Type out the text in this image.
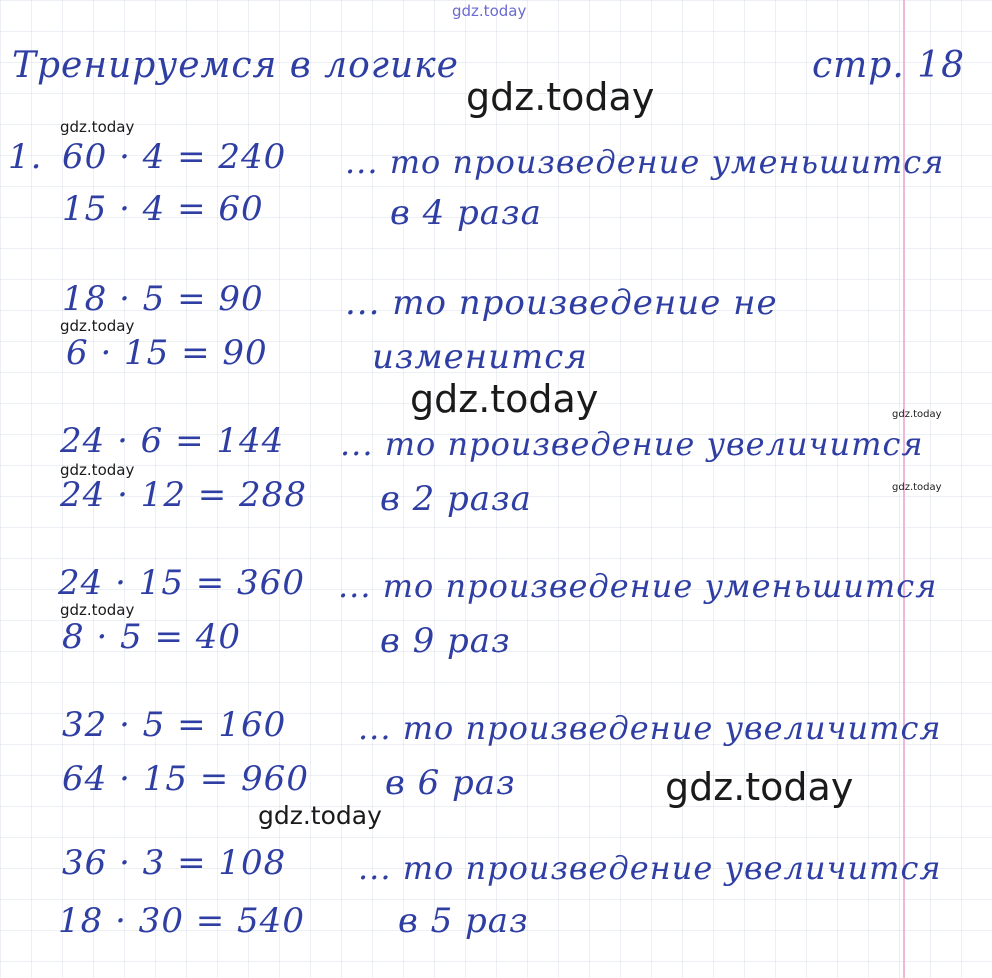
Тренируемся в логике	стр. 18
1. 60 · 4 = 240
15 · 4 = 60
... то произведение уменьшится
в 4 раза
18 · 5 = 90
6 · 15 = 90
... то произведение не
изменится
24 · 6 = 144
24 · 12 = 288
... то произведение увеличится
в 2 раза
24 · 15 = 360
8 · 5 = 40
... то произведение уменьшится
в 9 раз
32 · 5 = 160
64 · 15 = 960
... то произведение увеличится
в 6 раз
36 · 3 = 108
18 · 30 = 540
... то произведение увеличится
в 5 раз
gdz.today
gdz.today
gdz.today
gdz.today
gdz.today
gdz.today
gdz.today
gdz.today
gdz.today
gdz.today
gdz.today
